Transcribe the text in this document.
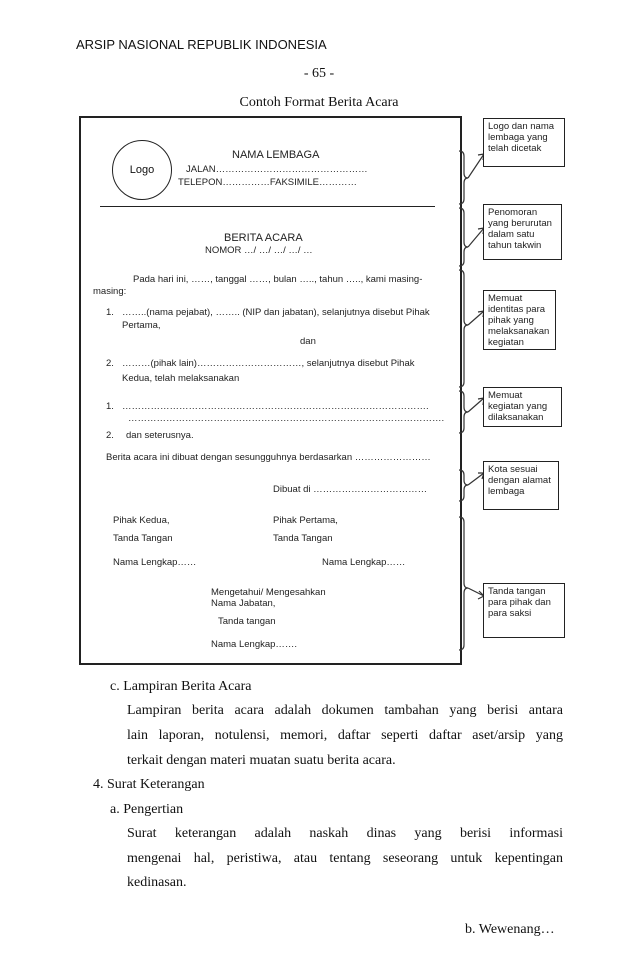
ARSIP NASIONAL REPUBLIK INDONESIA
- 65 -
Contoh Format Berita Acara
Logo
NAMA LEMBAGA
JALAN…………………………………………
TELEPON……………FAKSIMILE…………
BERITA ACARA
NOMOR …/ …/ …/ …/ …
Pada hari ini, ……, tanggal ……, bulan ….., tahun ….., kami masing-
masing:
1. ……..(nama pejabat), …….. (NIP dan jabatan), selanjutnya disebut Pihak
Pertama,
dan
2. ………(pihak lain)……………………………, selanjutnya disebut Pihak
Kedua, telah melaksanakan
1. …………………………………………………………………………………….
……………………………………………………………………………………….
2. dan seterusnya.
Berita acara ini dibuat dengan sesungguhnya berdasarkan ……………………
Dibuat di ………………………………
Pihak Kedua,	Pihak Pertama,
Tanda Tangan	Tanda Tangan
Nama Lengkap……	Nama Lengkap……
Mengetahui/ Mengesahkan
Nama Jabatan,
Tanda tangan
Nama Lengkap…….
Logo dan nama lembaga yang telah dicetak
Penomoran yang berurutan dalam satu tahun takwin
Memuat identitas para pihak yang melaksanakan kegiatan
Memuat kegiatan yang dilaksanakan
Kota sesuai dengan alamat lembaga
Tanda tangan para pihak dan para saksi
c. Lampiran Berita Acara
Lampiran berita acara adalah dokumen tambahan yang berisi antara
lain laporan, notulensi, memori, daftar seperti daftar aset/arsip yang
terkait dengan materi muatan suatu berita acara.
4. Surat Keterangan
a. Pengertian
Surat keterangan adalah naskah dinas yang berisi informasi
mengenai hal, peristiwa, atau tentang seseorang untuk kepentingan
kedinasan.
b. Wewenang…
